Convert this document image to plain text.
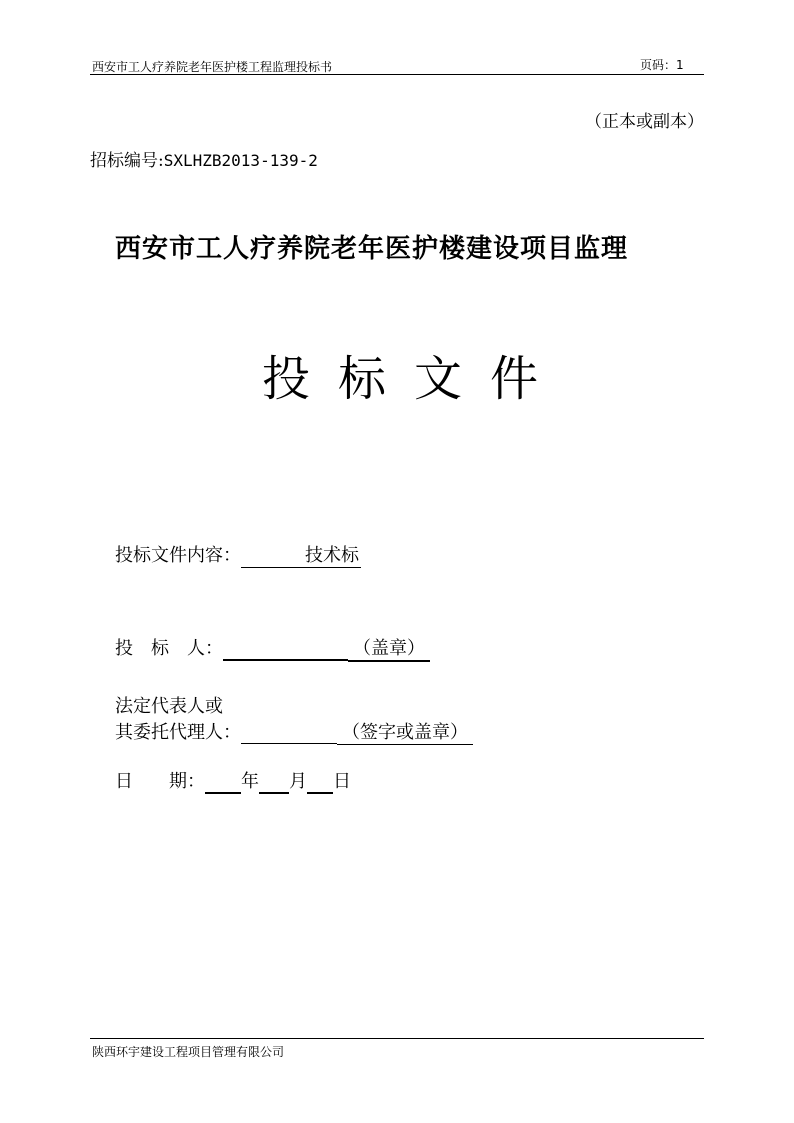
西安市工人疗养院老年医护楼工程监理投标书	页码：1
（正本或副本）
招标编号:SXLHZB2013-139-2
西安市工人疗养院老年医护楼建设项目监理
投标文件
投标文件内容：	技术标
投　标　人：	（盖章）
法定代表人或
其委托代理人：	（签字或盖章）
日　　期： 年 月 日
陕西环宇建设工程项目管理有限公司
